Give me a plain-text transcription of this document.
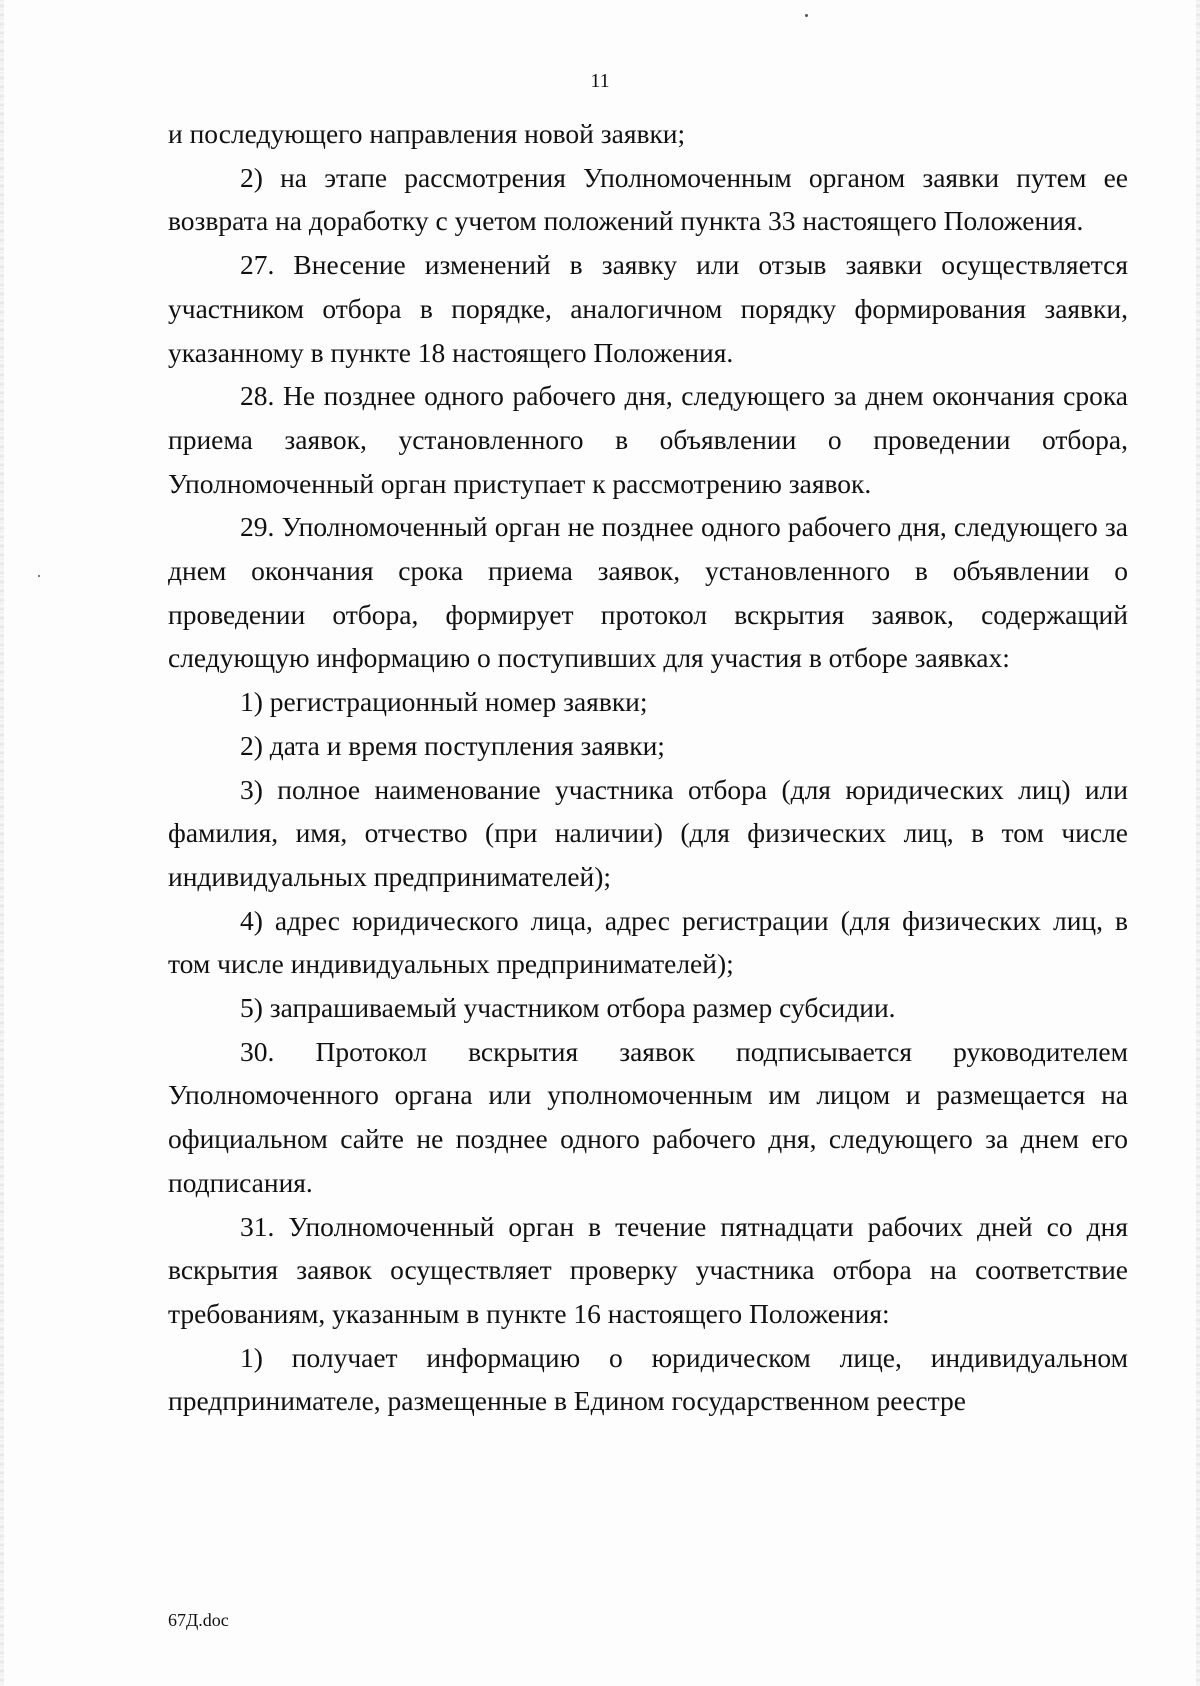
11

и последующего направления новой заявки;

2) на этапе рассмотрения Уполномоченным органом заявки путем ее возврата на доработку с учетом положений пункта 33 настоящего Положения.

27. Внесение изменений в заявку или отзыв заявки осуществляется участником отбора в порядке, аналогичном порядку формирования заявки, указанному в пункте 18 настоящего Положения.

28. Не позднее одного рабочего дня, следующего за днем окончания срока приема заявок, установленного в объявлении о проведении отбора, Уполномоченный орган приступает к рассмотрению заявок.

29. Уполномоченный орган не позднее одного рабочего дня, следующего за днем окончания срока приема заявок, установленного в объявлении о проведении отбора, формирует протокол вскрытия заявок, содержащий следующую информацию о поступивших для участия в отборе заявках:

1) регистрационный номер заявки;

2) дата и время поступления заявки;

3) полное наименование участника отбора (для юридических лиц) или фамилия, имя, отчество (при наличии) (для физических лиц, в том числе индивидуальных предпринимателей);

4) адрес юридического лица, адрес регистрации (для физических лиц, в том числе индивидуальных предпринимателей);

5) запрашиваемый участником отбора размер субсидии.

30. Протокол вскрытия заявок подписывается руководителем Уполномоченного органа или уполномоченным им лицом и размещается на официальном сайте не позднее одного рабочего дня, следующего за днем его подписания.

31. Уполномоченный орган в течение пятнадцати рабочих дней со дня вскрытия заявок осуществляет проверку участника отбора на соответствие требованиям, указанным в пункте 16 настоящего Положения:

1) получает информацию о юридическом лице, индивидуальном предпринимателе, размещенные в Едином государственном реестре

67Д.doc
